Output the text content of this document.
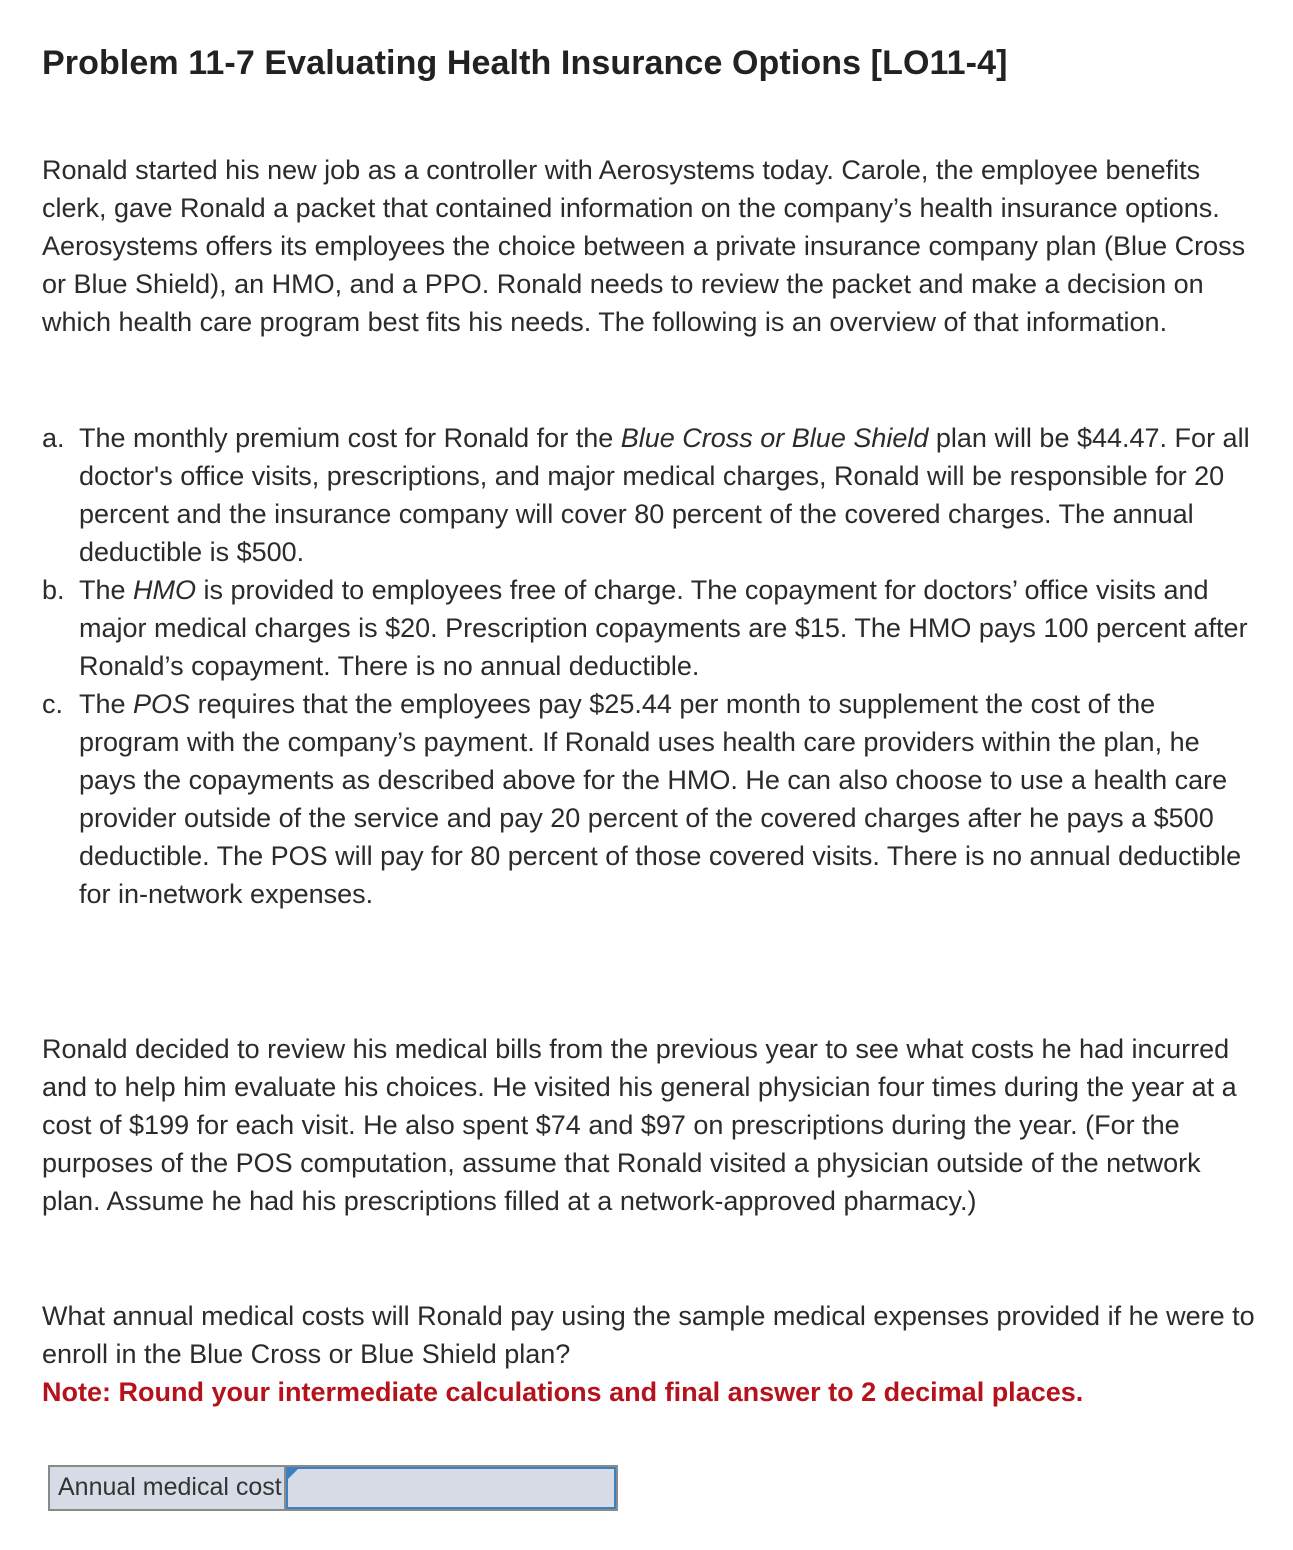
Problem 11-7 Evaluating Health Insurance Options [LO11-4]

Ronald started his new job as a controller with Aerosystems today. Carole, the employee benefits clerk, gave Ronald a packet that contained information on the company’s health insurance options. Aerosystems offers its employees the choice between a private insurance company plan (Blue Cross or Blue Shield), an HMO, and a PPO. Ronald needs to review the packet and make a decision on which health care program best fits his needs. The following is an overview of that information.

a. The monthly premium cost for Ronald for the Blue Cross or Blue Shield plan will be $44.47. For all doctor's office visits, prescriptions, and major medical charges, Ronald will be responsible for 20 percent and the insurance company will cover 80 percent of the covered charges. The annual deductible is $500.
b. The HMO is provided to employees free of charge. The copayment for doctors’ office visits and major medical charges is $20. Prescription copayments are $15. The HMO pays 100 percent after Ronald’s copayment. There is no annual deductible.
c. The POS requires that the employees pay $25.44 per month to supplement the cost of the program with the company’s payment. If Ronald uses health care providers within the plan, he pays the copayments as described above for the HMO. He can also choose to use a health care provider outside of the service and pay 20 percent of the covered charges after he pays a $500 deductible. The POS will pay for 80 percent of those covered visits. There is no annual deductible for in-network expenses.

Ronald decided to review his medical bills from the previous year to see what costs he had incurred and to help him evaluate his choices. He visited his general physician four times during the year at a cost of $199 for each visit. He also spent $74 and $97 on prescriptions during the year. (For the purposes of the POS computation, assume that Ronald visited a physician outside of the network plan. Assume he had his prescriptions filled at a network-approved pharmacy.)

What annual medical costs will Ronald pay using the sample medical expenses provided if he were to enroll in the Blue Cross or Blue Shield plan?

Note: Round your intermediate calculations and final answer to 2 decimal places.

Annual medical cost
